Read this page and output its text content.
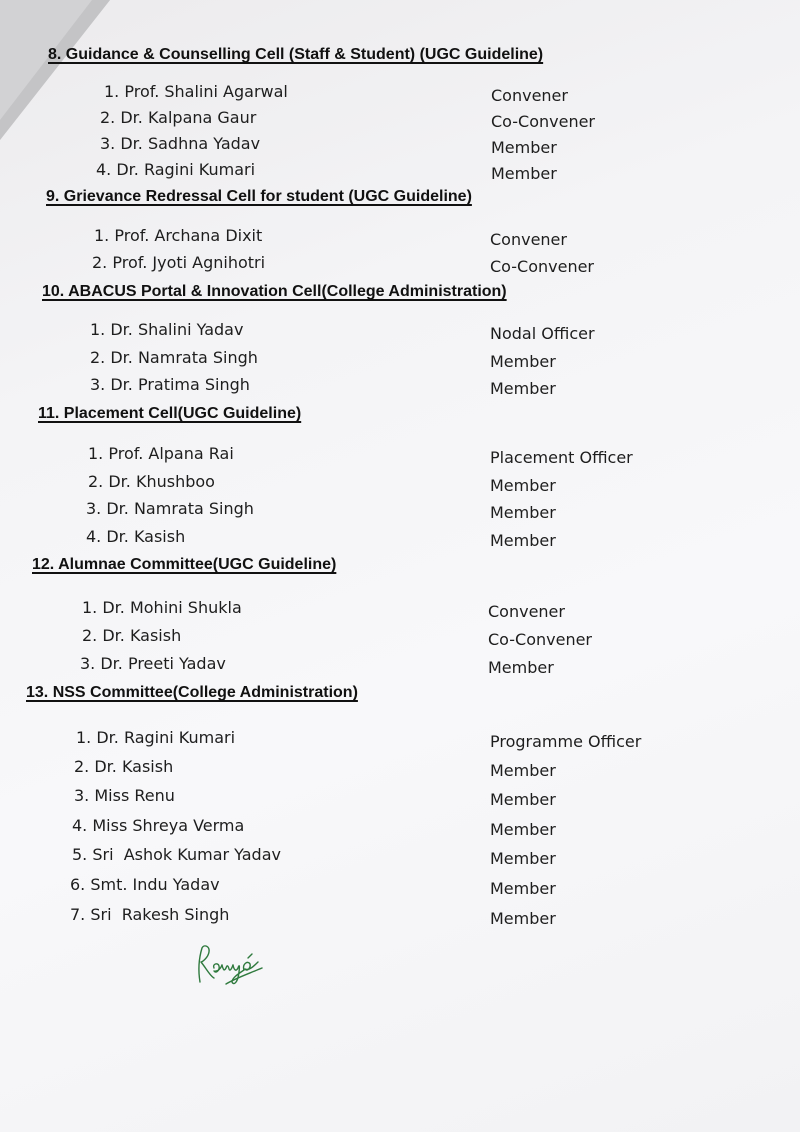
8. Guidance & Counselling Cell (Staff & Student) (UGC Guideline)
1. Prof. Shalini Agarwal	Convener
2. Dr. Kalpana Gaur	Co-Convener
3. Dr. Sadhna Yadav	Member
4. Dr. Ragini Kumari	Member
9. Grievance Redressal Cell for student (UGC Guideline)
1. Prof. Archana Dixit	Convener
2. Prof. Jyoti Agnihotri	Co-Convener
10. ABACUS Portal & Innovation Cell(College Administration)
1. Dr. Shalini Yadav	Nodal Officer
2. Dr. Namrata Singh	Member
3. Dr. Pratima Singh	Member
11. Placement Cell(UGC Guideline)
1. Prof. Alpana Rai	Placement Officer
2. Dr. Khushboo	Member
3. Dr. Namrata Singh	Member
4. Dr. Kasish	Member
12. Alumnae Committee(UGC Guideline)
1. Dr. Mohini Shukla	Convener
2. Dr. Kasish	Co-Convener
3. Dr. Preeti Yadav	Member
13. NSS Committee(College Administration)
1. Dr. Ragini Kumari	Programme Officer
2. Dr. Kasish	Member
3. Miss Renu	Member
4. Miss Shreya Verma	Member
5. Sri  Ashok Kumar Yadav	Member
6. Smt. Indu Yadav	Member
7. Sri  Rakesh Singh	Member
